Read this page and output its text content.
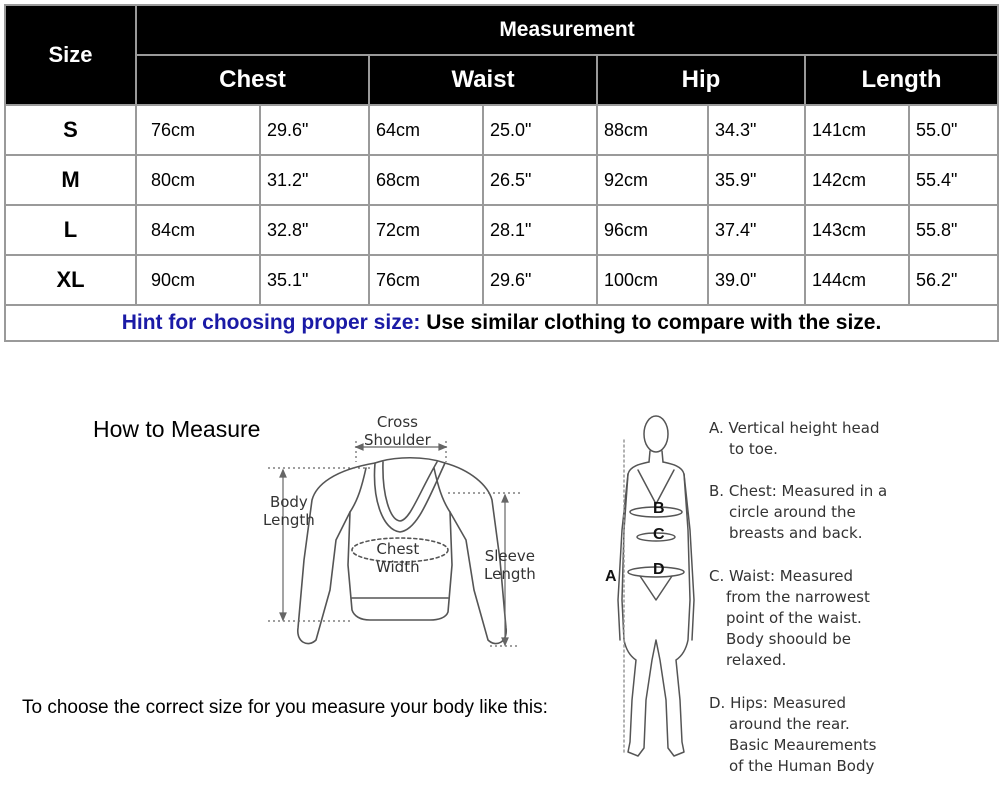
Size	Measurement							
	Chest		Waist		Hip		Length	
S	76cm	29.6"	64cm	25.0"	88cm	34.3"	141cm	55.0"
M	80cm	31.2"	68cm	26.5"	92cm	35.9"	142cm	55.4"
L	84cm	32.8"	72cm	28.1"	96cm	37.4"	143cm	55.8"
XL	90cm	35.1"	76cm	29.6"	100cm	39.0"	144cm	56.2"
Hint for choosing proper size: Use similar clothing to compare with the size.								
How to Measure
To choose the correct size for you measure your body like this:
Cross
Shoulder
Body
Length
Chest
Width
Sleeve
Length
B
C
D
A
A. Vertical height head
to toe.
B. Chest: Measured in a
circle around the
breasts and back.
C. Waist: Measured
from the narrowest
point of the waist.
Body shoould be
relaxed.
D. Hips: Measured
around the rear.
Basic Meaurements
of the Human Body
